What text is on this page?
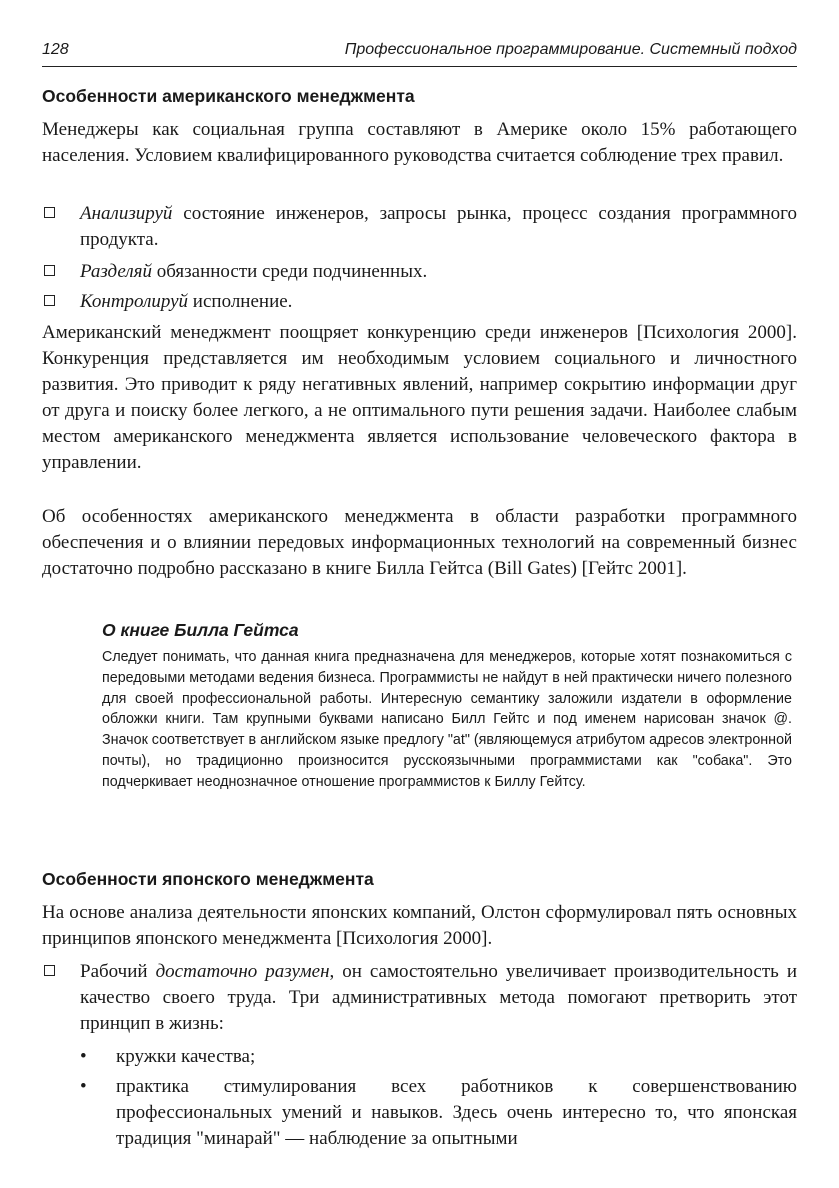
128	Профессиональное программирование. Системный подход
Особенности американского менеджмента

Менеджеры как социальная группа составляют в Америке около 15% работающего населения. Условием квалифицированного руководства считается соблюдение трех правил.

Анализируй состояние инженеров, запросы рынка, процесс создания программного продукта.
Разделяй обязанности среди подчиненных.
Контролируй исполнение.

Американский менеджмент поощряет конкуренцию среди инженеров [Психология 2000]. Конкуренция представляется им необходимым условием социального и личностного развития. Это приводит к ряду негативных явлений, например сокрытию информации друг от друга и поиску более легкого, а не оптимального пути решения задачи. Наиболее слабым местом американского менеджмента является использование человеческого фактора в управлении.

Об особенностях американского менеджмента в области разработки программного обеспечения и о влиянии передовых информационных технологий на современный бизнес достаточно подробно рассказано в книге Билла Гейтса (Bill Gates) [Гейтс 2001].

О книге Билла Гейтса

Следует понимать, что данная книга предназначена для менеджеров, которые хотят познакомиться с передовыми методами ведения бизнеса. Программисты не найдут в ней практически ничего полезного для своей профессиональной работы. Интересную семантику заложили издатели в оформление обложки книги. Там крупными буквами написано Билл Гейтс и под именем нарисован значок @. Значок соответствует в английском языке предлогу "at" (являющемуся атрибутом адресов электронной почты), но традиционно произносится русскоязычными программистами как "собака". Это подчеркивает неоднозначное отношение программистов к Биллу Гейтсу.

Особенности японского менеджмента

На основе анализа деятельности японских компаний, Олстон сформулировал пять основных принципов японского менеджмента [Психология 2000].

Рабочий достаточно разумен, он самостоятельно увеличивает производительность и качество своего труда. Три административных метода помогают претворить этот принцип в жизнь:
• кружки качества;
• практика стимулирования всех работников к совершенствованию профессиональных умений и навыков. Здесь очень интересно то, что японская традиция "минарай" — наблюдение за опытными
